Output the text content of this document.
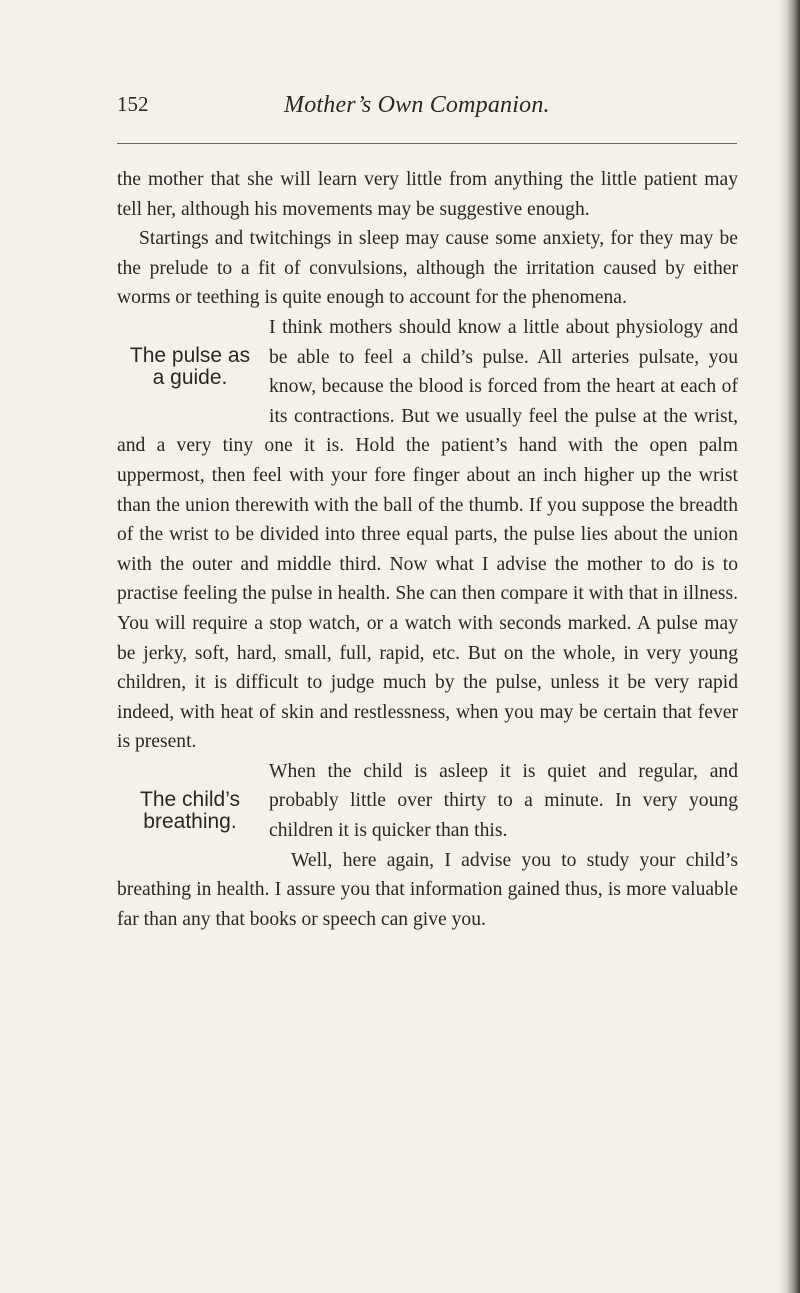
152	Mother’s Own Companion.

the mother that she will learn very little from anything the little patient may tell her, although his movements may be suggestive enough.

Startings and twitchings in sleep may cause some anxiety, for they may be the prelude to a fit of convulsions, although the irritation caused by either worms or teething is quite enough to account for the phenomena.

The pulse as
a guide.
I think mothers should know a little about physiology and be able to feel a child’s pulse. All arteries pulsate, you know, because the blood is forced from the heart at each of its contractions. But we usually feel the pulse at the wrist, and a very tiny one it is. Hold the patient’s hand with the open palm uppermost, then feel with your fore finger about an inch higher up the wrist than the union therewith with the ball of the thumb. If you suppose the breadth of the wrist to be divided into three equal parts, the pulse lies about the union with the outer and middle third. Now what I advise the mother to do is to practise feeling the pulse in health. She can then compare it with that in illness. You will require a stop watch, or a watch with seconds marked. A pulse may be jerky, soft, hard, small, full, rapid, etc. But on the whole, in very young children, it is difficult to judge much by the pulse, unless it be very rapid indeed, with heat of skin and restlessness, when you may be certain that fever is present.

The child’s
breathing.
When the child is asleep it is quiet and regular, and probably little over thirty to a minute. In very young children it is quicker than this.

Well, here again, I advise you to study your child’s breathing in health. I assure you that information gained thus, is more valuable far than any that books or speech can give you.
